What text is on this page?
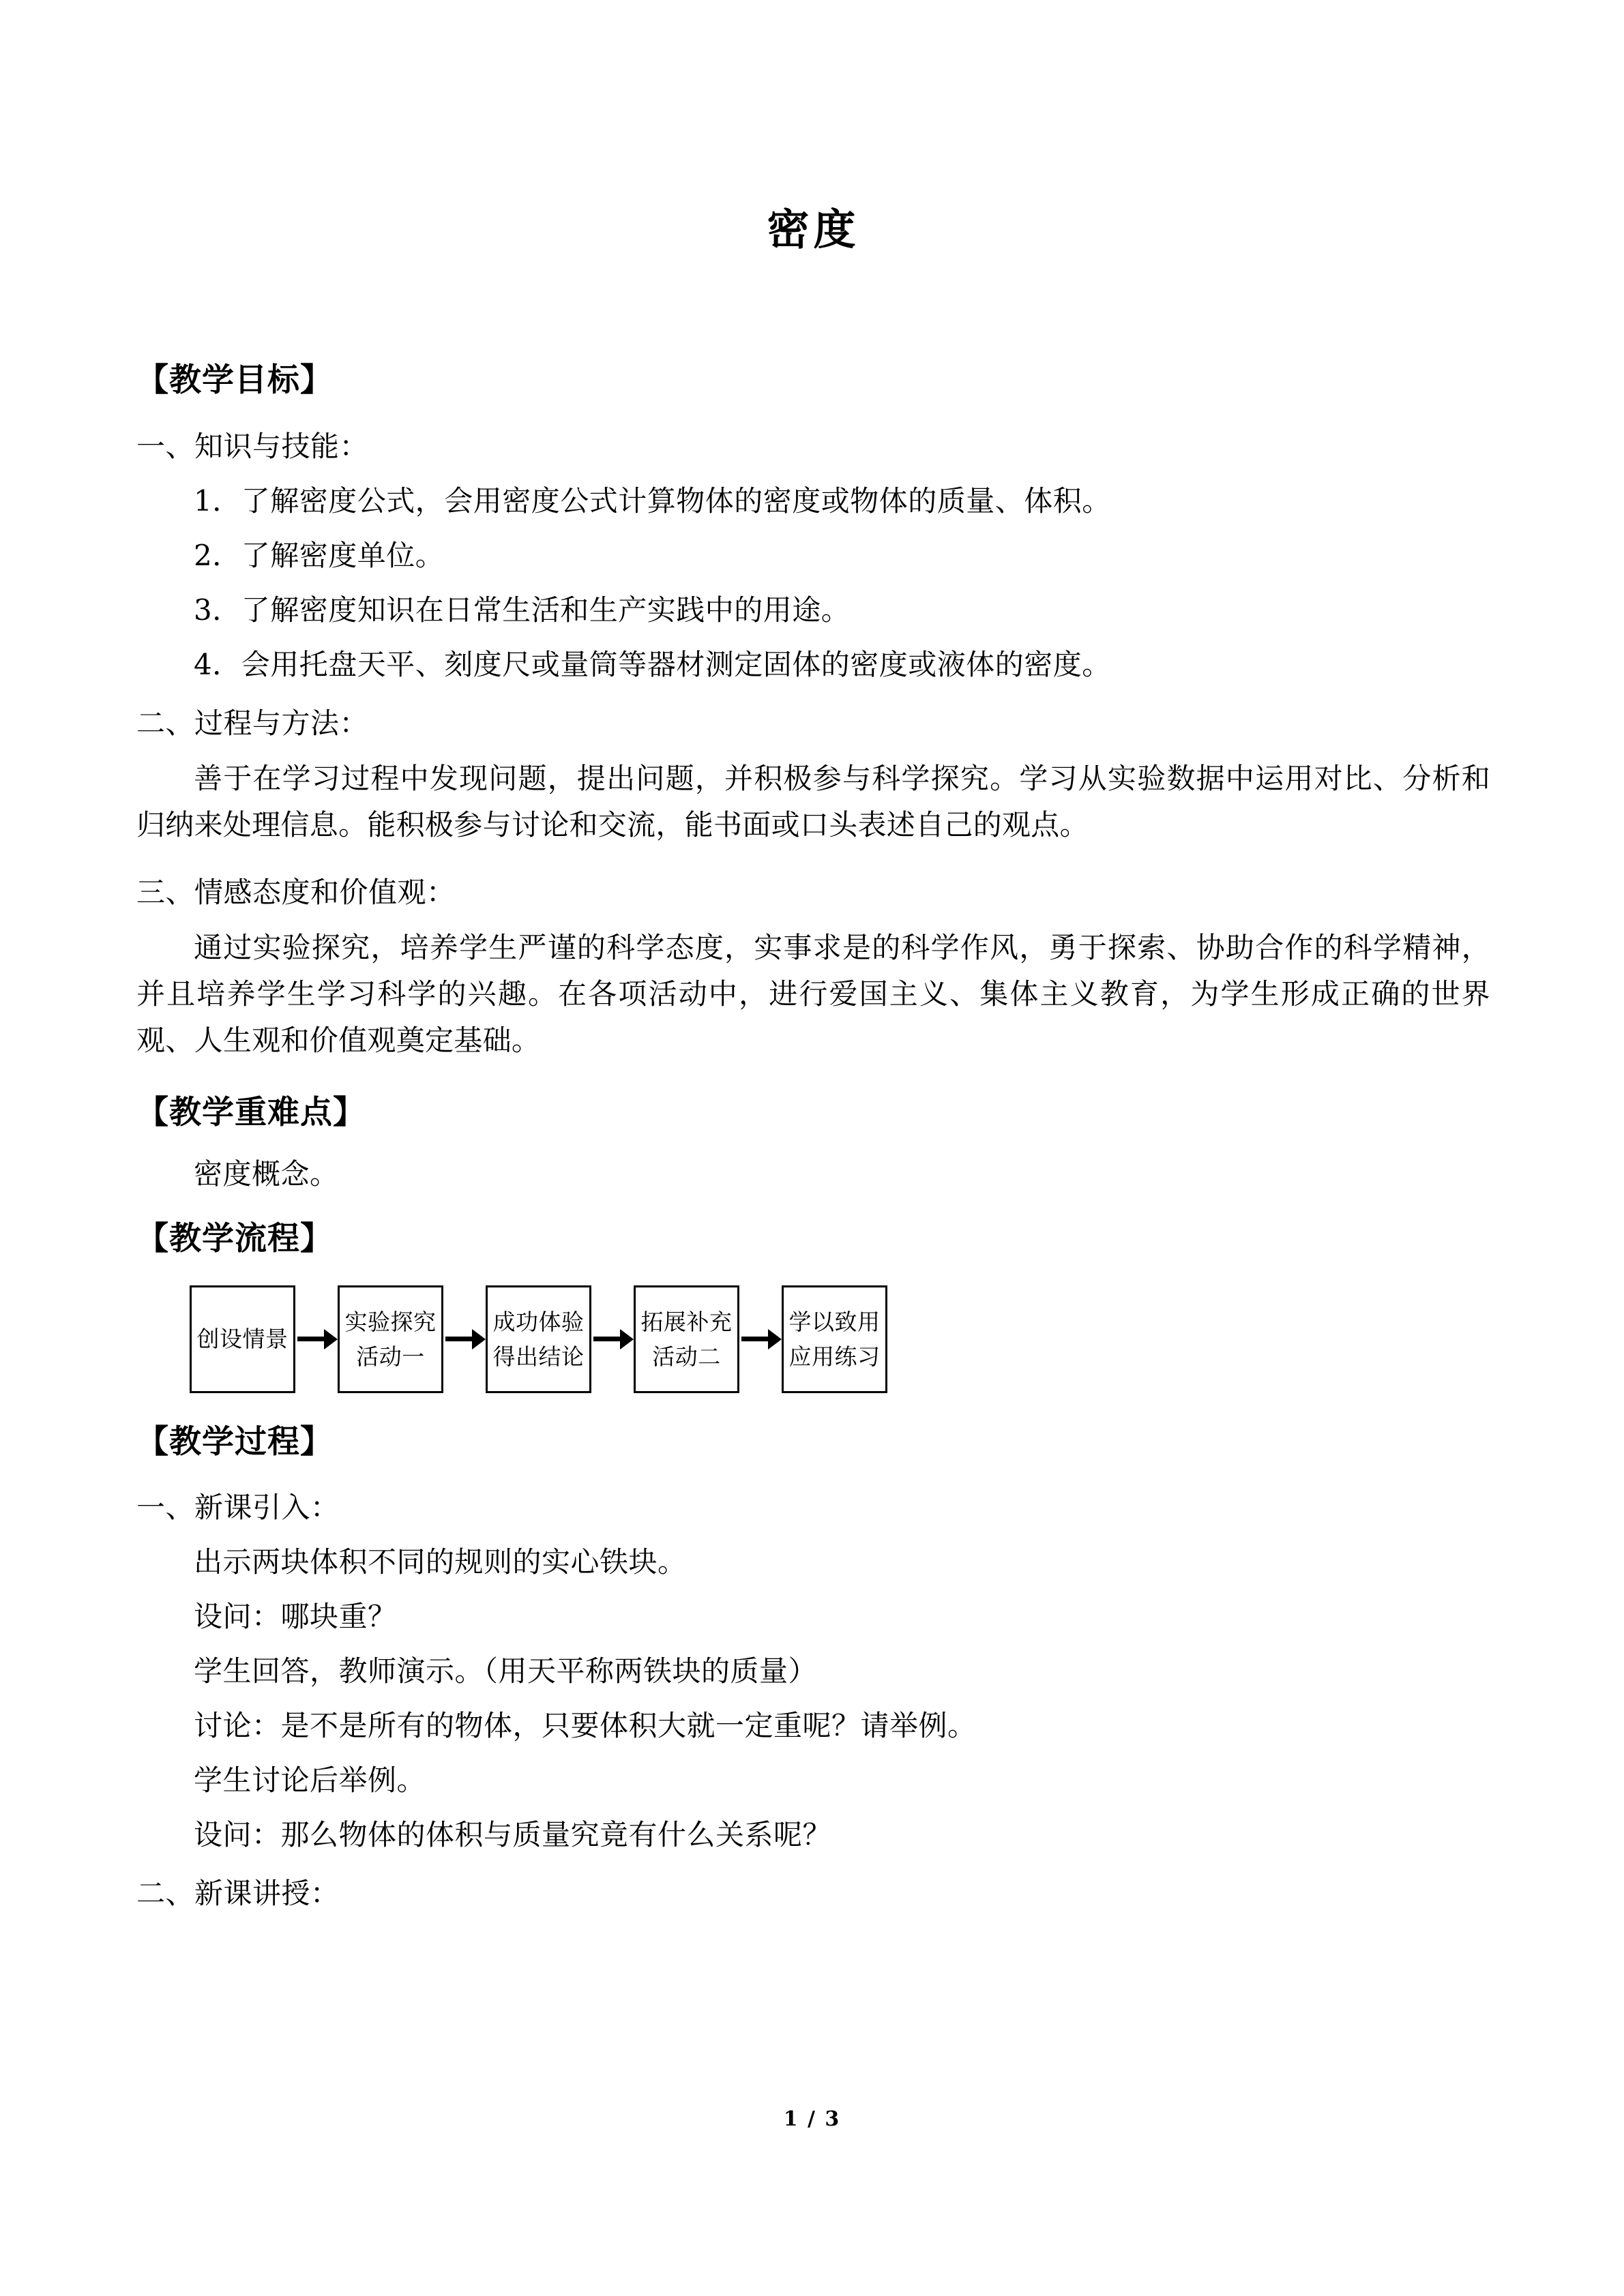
密度
【教学目标】
一、知识与技能：
1．了解密度公式，会用密度公式计算物体的密度或物体的质量、体积。
2．了解密度单位。
3．了解密度知识在日常生活和生产实践中的用途。
4．会用托盘天平、刻度尺或量筒等器材测定固体的密度或液体的密度。
二、过程与方法：
善于在学习过程中发现问题，提出问题，并积极参与科学探究。学习从实验数据中运用对比、分析和归纳来处理信息。能积极参与讨论和交流，能书面或口头表述自己的观点。
三、情感态度和价值观：
通过实验探究，培养学生严谨的科学态度，实事求是的科学作风，勇于探索、协助合作的科学精神，并且培养学生学习科学的兴趣。在各项活动中，进行爱国主义、集体主义教育，为学生形成正确的世界观、人生观和价值观奠定基础。
【教学重难点】
密度概念。
【教学流程】
创设情景
实验探究
活动一
成功体验
得出结论
拓展补充
活动二
学以致用
应用练习
【教学过程】
一、新课引入：
出示两块体积不同的规则的实心铁块。
设问：哪块重？
学生回答，教师演示。（用天平称两铁块的质量）
讨论：是不是所有的物体，只要体积大就一定重呢？请举例。
学生讨论后举例。
设问：那么物体的体积与质量究竟有什么关系呢？
二、新课讲授：
1 / 3
